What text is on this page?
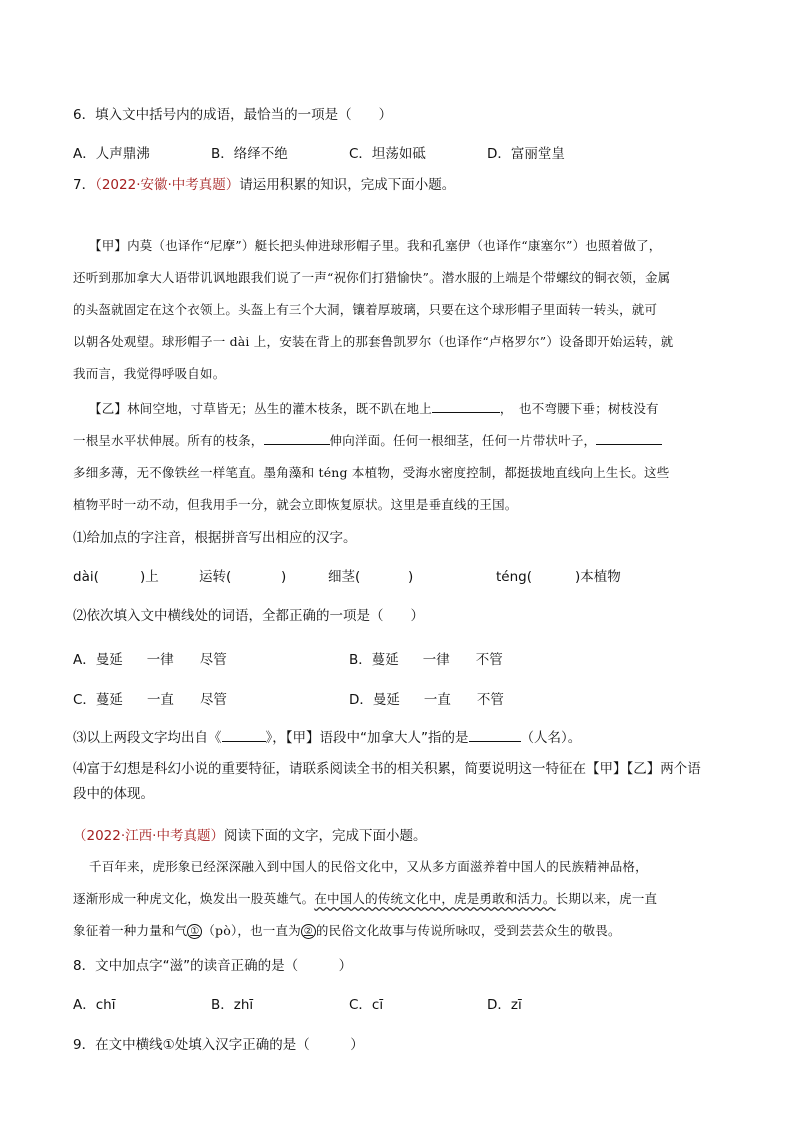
6．填入文中括号内的成语，最恰当的一项是（　　）
A．人声鼎沸	B．络绎不绝	C．坦荡如砥	D．富丽堂皇
7．（2022·安徽·中考真题）请运用积累的知识，完成下面小题。
【甲】内莫（也译作“尼摩”）艇长把头伸进球形帽子里。我和孔塞伊（也译作“康塞尔”）也照着做了，
还听到那加拿大人语带讥讽地跟我们说了一声“祝你们打猎愉快”。潜水服的上端是个带螺纹的铜衣领，金属
的头盔就固定在这个衣领上。头盔上有三个大洞，镶着厚玻璃，只要在这个球形帽子里面转一转头，就可
以朝各处观望。球形帽子一 dài 上，安装在背上的那套鲁凯罗尔（也译作“卢格罗尔”）设备即开始运转，就
我而言，我觉得呼吸自如。
【乙】林间空地，寸草皆无；丛生的灌木枝条，既不趴在地上	，　也不弯腰下垂；树枝没有
一根呈水平状伸展。所有的枝条，	伸向洋面。任何一根细茎，任何一片带状叶子，
多细多薄，无不像铁丝一样笔直。墨角藻和 téng 本植物，受海水密度控制，都挺拔地直线向上生长。这些
植物平时一动不动，但我用手一分，就会立即恢复原状。这里是垂直线的王国。
⑴给加点的字注音，根据拼音写出相应的汉字。
dài(	)上	运转(	)	细茎(	)	téng(	)本植物
⑵依次填入文中横线处的词语，全都正确的一项是（　　）
A．曼延 一律 尽管	B．蔓延 一律 不管
C．蔓延 一直 尽管	D．曼延 一直 不管
⑶以上两段文字均出自《	》，【甲】语段中“加拿大人”指的是	（人名）。
⑷富于幻想是科幻小说的重要特征，请联系阅读全书的相关积累，简要说明这一特征在【甲】【乙】两个语
段中的体现。
（2022·江西·中考真题）阅读下面的文字，完成下面小题。
千百年来，虎形象已经深深融入到中国人的民俗文化中，又从多方面滋养着中国人的民族精神品格，
逐渐形成一种虎文化，焕发出一股英雄气。在中国人的传统文化中，虎是勇敢和活力。长期以来，虎一直
象征着一种力量和气 ① （pò），也一直为 ② 的民俗文化故事与传说所咏叹，受到芸芸众生的敬畏。
8．文中加点字“滋”的读音正确的是（　　　）
A．chī	B．zhī	C．cī	D．zī
9．在文中横线①处填入汉字正确的是（　　　）
